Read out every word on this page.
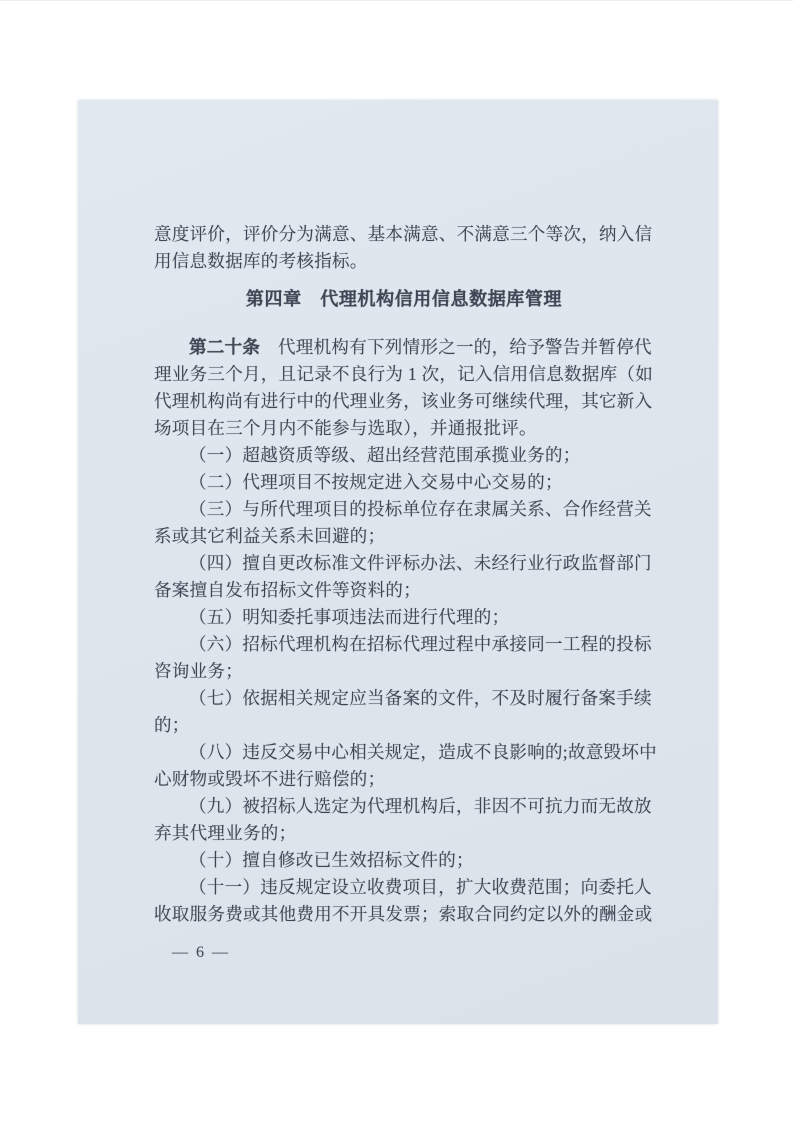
意度评价，评价分为满意、基本满意、不满意三个等次，纳入信

用信息数据库的考核指标。

第四章　代理机构信用信息数据库管理

第二十条　代理机构有下列情形之一的，给予警告并暂停代

理业务三个月，且记录不良行为 1 次，记入信用信息数据库（如

代理机构尚有进行中的代理业务，该业务可继续代理，其它新入

场项目在三个月内不能参与选取），并通报批评。

（一）超越资质等级、超出经营范围承揽业务的；

（二）代理项目不按规定进入交易中心交易的；

（三）与所代理项目的投标单位存在隶属关系、合作经营关

系或其它利益关系未回避的；

（四）擅自更改标准文件评标办法、未经行业行政监督部门

备案擅自发布招标文件等资料的；

（五）明知委托事项违法而进行代理的；

（六）招标代理机构在招标代理过程中承接同一工程的投标

咨询业务；

（七）依据相关规定应当备案的文件，不及时履行备案手续

的；

（八）违反交易中心相关规定，造成不良影响的;故意毁坏中

心财物或毁坏不进行赔偿的；

（九）被招标人选定为代理机构后，非因不可抗力而无故放

弃其代理业务的；

（十）擅自修改已生效招标文件的；

（十一）违反规定设立收费项目，扩大收费范围；向委托人

收取服务费或其他费用不开具发票；索取合同约定以外的酬金或

— 6 —
